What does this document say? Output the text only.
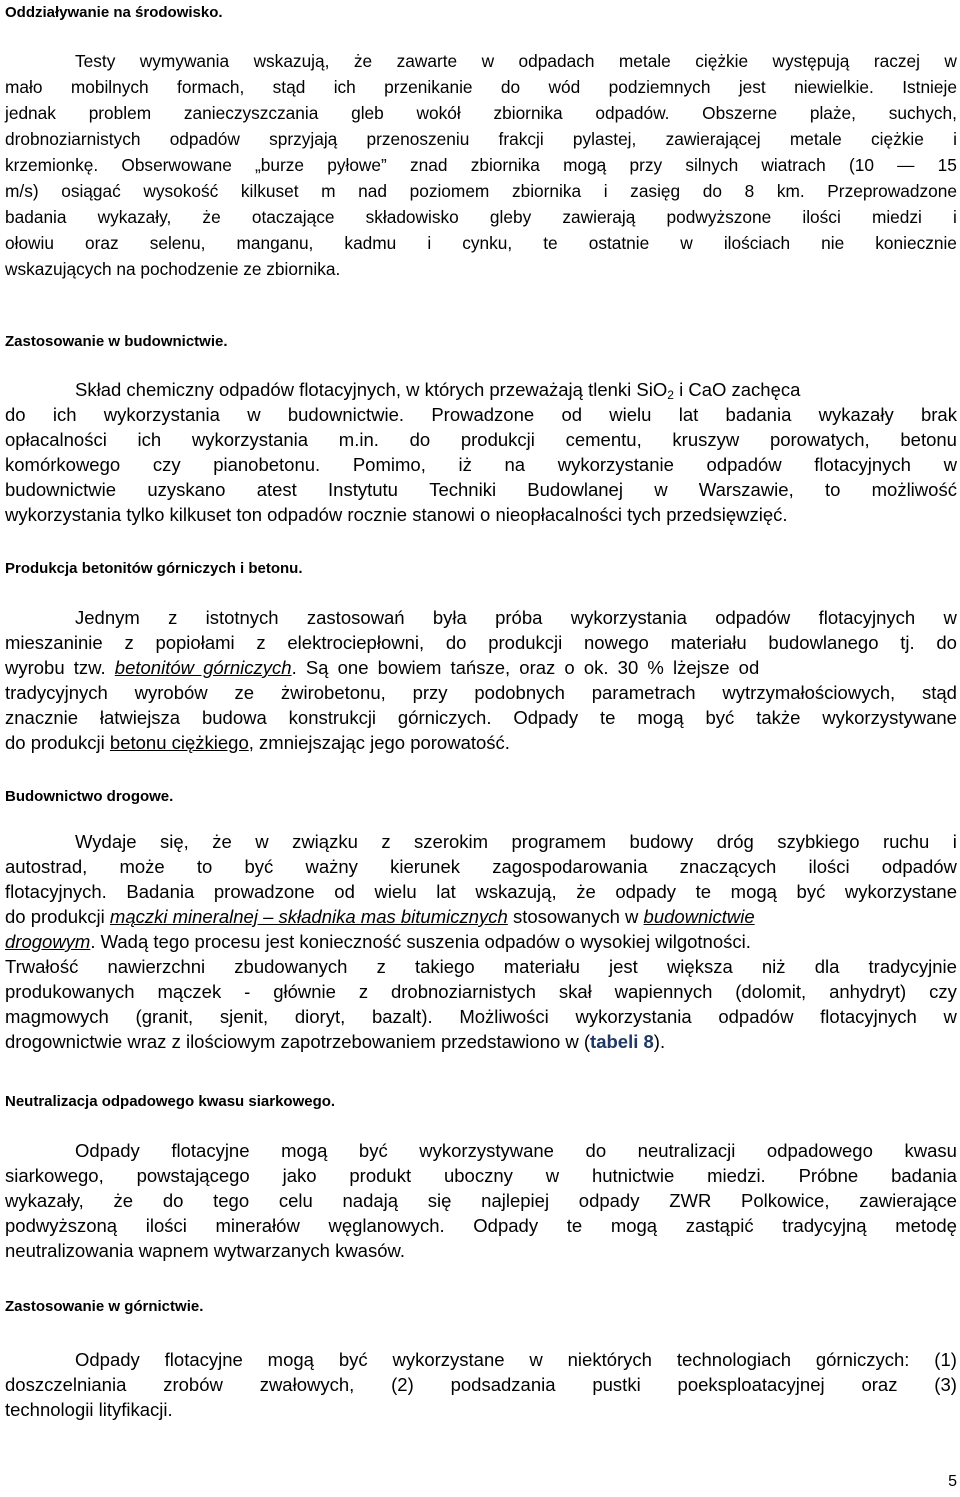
Oddziaływanie na środowisko.
Testy wymywania wskazują, że zawarte w odpadach metale ciężkie występują raczej w
mało mobilnych formach, stąd ich przenikanie do wód podziemnych jest niewielkie. Istnieje
jednak problem zanieczyszczania gleb wokół zbiornika odpadów. Obszerne plaże, suchych,
drobnoziarnistych odpadów sprzyjają przenoszeniu frakcji pylastej, zawierającej metale ciężkie i
krzemionkę. Obserwowane „burze pyłowe” znad zbiornika mogą przy silnych wiatrach (10 — 15
m/s) osiągać wysokość kilkuset m nad poziomem zbiornika i zasięg do 8 km. Przeprowadzone
badania wykazały, że otaczające składowisko gleby zawierają podwyższone ilości miedzi i
ołowiu oraz selenu, manganu, kadmu i cynku, te ostatnie w ilościach nie koniecznie
wskazujących na pochodzenie ze zbiornika.
Zastosowanie w budownictwie.
Skład chemiczny odpadów flotacyjnych, w których przeważają tlenki SiO$_2$ i CaO zachęca
do ich wykorzystania w budownictwie. Prowadzone od wielu lat badania wykazały brak
opłacalności ich wykorzystania m.in. do produkcji cementu, kruszyw porowatych, betonu
komórkowego czy pianobetonu. Pomimo, iż na wykorzystanie odpadów flotacyjnych w
budownictwie uzyskano atest Instytutu Techniki Budowlanej w Warszawie, to możliwość
wykorzystania tylko kilkuset ton odpadów rocznie stanowi o nieopłacalności tych przedsięwzięć.
Produkcja betonitów górniczych i betonu.
Jednym z istotnych zastosowań była próba wykorzystania odpadów flotacyjnych w
mieszaninie z popiołami z elektrociepłowni, do produkcji nowego materiału budowlanego tj. do
wyrobu tzw. betonitów górniczych. Są one bowiem tańsze, oraz o ok. 30 % lżejsze od
tradycyjnych wyrobów ze żwirobetonu, przy podobnych parametrach wytrzymałościowych, stąd
znacznie łatwiejsza budowa konstrukcji górniczych. Odpady te mogą być także wykorzystywane
do produkcji betonu ciężkiego, zmniejszając jego porowatość.
Budownictwo drogowe.
Wydaje się, że w związku z szerokim programem budowy dróg szybkiego ruchu i
autostrad, może to być ważny kierunek zagospodarowania znaczących ilości odpadów
flotacyjnych. Badania prowadzone od wielu lat wskazują, że odpady te mogą być wykorzystane
do produkcji mączki mineralnej – składnika mas bitumicznych stosowanych w budownictwie
drogowym. Wadą tego procesu jest konieczność suszenia odpadów o wysokiej wilgotności.
Trwałość nawierzchni zbudowanych z takiego materiału jest większa niż dla tradycyjnie
produkowanych mączek - głównie z drobnoziarnistych skał wapiennych (dolomit, anhydryt) czy
magmowych (granit, sjenit, dioryt, bazalt). Możliwości wykorzystania odpadów flotacyjnych w
drogownictwie wraz z ilościowym zapotrzebowaniem przedstawiono w (tabeli 8).
Neutralizacja odpadowego kwasu siarkowego.
Odpady flotacyjne mogą być wykorzystywane do neutralizacji odpadowego kwasu
siarkowego, powstającego jako produkt uboczny w hutnictwie miedzi. Próbne badania
wykazały, że do tego celu nadają się najlepiej odpady ZWR Polkowice, zawierające
podwyższoną ilości minerałów węglanowych. Odpady te mogą zastąpić tradycyjną metodę
neutralizowania wapnem wytwarzanych kwasów.
Zastosowanie w górnictwie.
Odpady flotacyjne mogą być wykorzystane w niektórych technologiach górniczych: (1)
doszczelniania zrobów zwałowych, (2) podsadzania pustki poeksploatacyjnej oraz (3)
technologii lityfikacji.
5
